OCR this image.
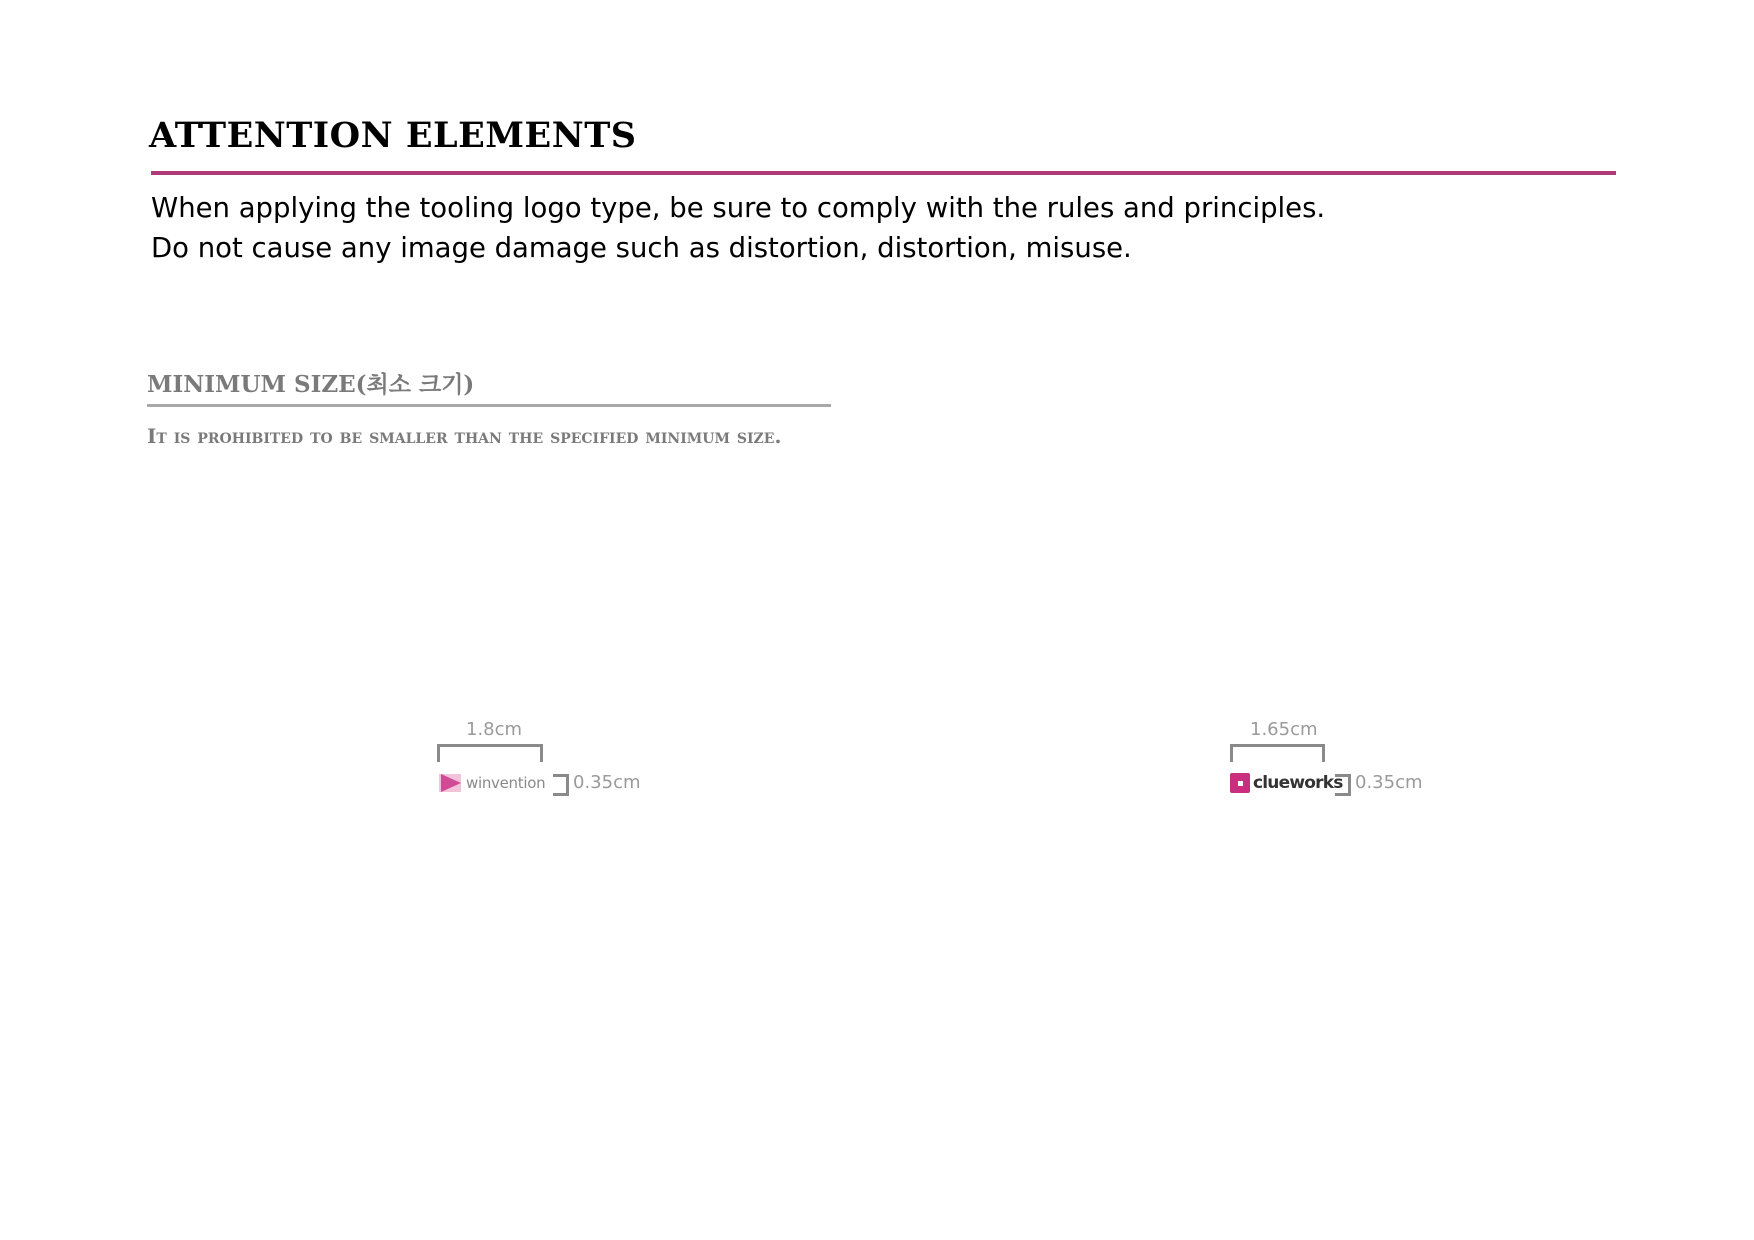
ATTENTION ELEMENTS
When applying the tooling logo type, be sure to comply with the rules and principles.
Do not cause any image damage such as distortion, distortion, misuse.
MINIMUM SIZE(최소 크기)
It is prohibited to be smaller than the specified minimum size.
1.8cm
winvention 0.35cm
1.65cm
clueworks 0.35cm
